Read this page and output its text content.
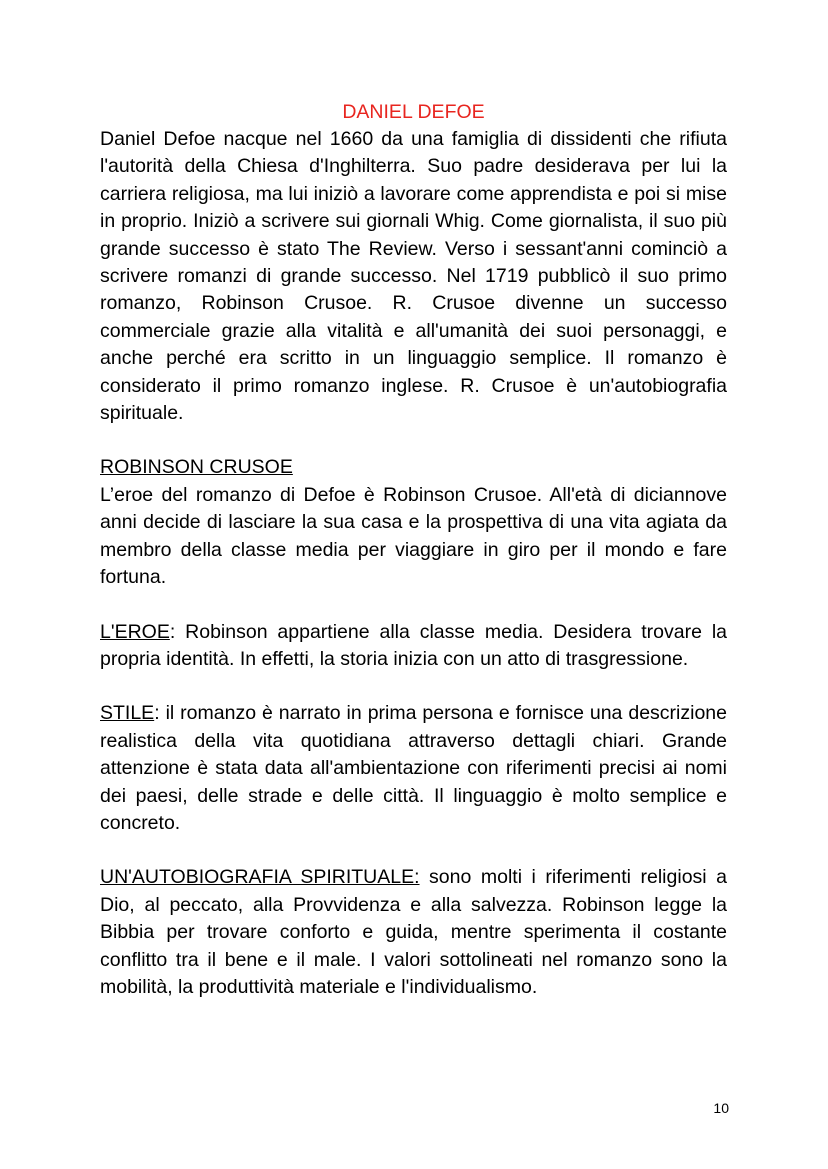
DANIEL DEFOE

Daniel Defoe nacque nel 1660 da una famiglia di dissidenti che rifiuta l'autorità della Chiesa d'Inghilterra. Suo padre desiderava per lui la carriera religiosa, ma lui iniziò a lavorare come apprendista e poi si mise in proprio. Iniziò a scrivere sui giornali Whig. Come giornalista, il suo più grande successo è stato The Review. Verso i sessant'anni cominciò a scrivere romanzi di grande successo. Nel 1719 pubblicò il suo primo romanzo, Robinson Crusoe. R. Crusoe divenne un successo commerciale grazie alla vitalità e all'umanità dei suoi personaggi, e anche perché era scritto in un linguaggio semplice. Il romanzo è considerato il primo romanzo inglese. R. Crusoe è un'autobiografia spirituale.

ROBINSON CRUSOE

L’eroe del romanzo di Defoe è Robinson Crusoe. All'età di diciannove anni decide di lasciare la sua casa e la prospettiva di una vita agiata da membro della classe media per viaggiare in giro per il mondo e fare fortuna.

L'EROE: Robinson appartiene alla classe media. Desidera trovare la propria identità. In effetti, la storia inizia con un atto di trasgressione.

STILE: il romanzo è narrato in prima persona e fornisce una descrizione realistica della vita quotidiana attraverso dettagli chiari. Grande attenzione è stata data all'ambientazione con riferimenti precisi ai nomi dei paesi, delle strade e delle città. Il linguaggio è molto semplice e concreto.

UN'AUTOBIOGRAFIA SPIRITUALE: sono molti i riferimenti religiosi a Dio, al peccato, alla Provvidenza e alla salvezza. Robinson legge la Bibbia per trovare conforto e guida, mentre sperimenta il costante conflitto tra il bene e il male. I valori sottolineati nel romanzo sono la mobilità, la produttività materiale e l'individualismo.

10
